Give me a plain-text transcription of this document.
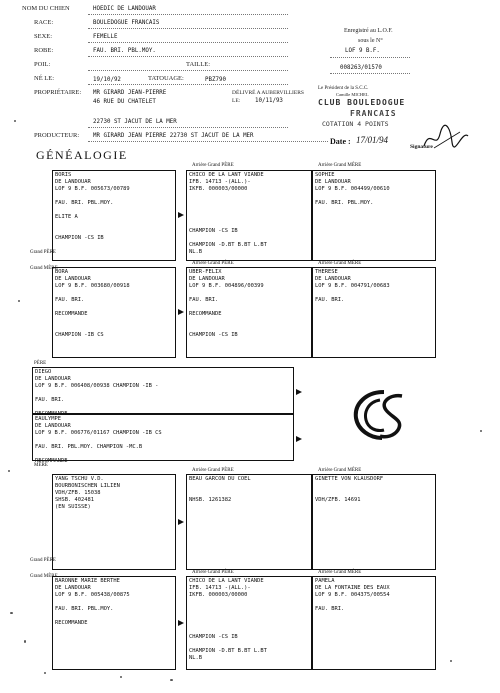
NOM DU CHIEN	HOEDIC DE LANDOUAR
RACE:	BOULEDOGUE FRANCAIS
SEXE:	FEMELLE
ROBE:	FAU. BRI. PBL.MOY.
POIL:	TAILLE:
NÉ LE:	19/10/92	TATOUAGE:	PBZ790
PROPRIÉTAIRE: MR GIRARD JEAN-PIERRE
46 RUE DU CHATELET
22730 ST JACUT DE LA MER
PRODUCTEUR: MR GIRARD JEAN PIERRE 22730 ST JACUT DE LA MER
Enregistré au L.O.F.
sous le N°
LOF 9 B.F.
008263/01570
DÉLIVRÉ A AUBERVILLIERS
LE:	10/11/93
Le Président de la S.C.C.
Camille MICHEL
CLUB BOULEDOGUE
FRANCAIS
COTATION 4 POINTS
Date : 17/01/94
Signature
GÉNÉALOGIE
Arrière Grand PÈRE	Arrière Grand MÈRE
BORIS
DE LANDOUAR
LOF 9 B.F. 005673/00789
FAU. BRI. PBL.MOY.
ELITE A
CHAMPION -CS IB
CHICO DE LA LANT VIANDE
IFB. 14713 -(ALL.)-
IKFB. 000003/00000
CHAMPION -CS IB
CHAMPION -D.BT B.BT L.BT
NL.B
SOPHIE
DE LANDOUAR
LOF 9 B.F. 004499/00610
FAU. BRI. PBL.MOY.
Grand PÈRE
Grand MÈRE
Arrière Grand PÈRE	Arrière Grand MÈRE
BORA
DE LANDOUAR
LOF 9 B.F. 003680/00918
FAU. BRI.
RECOMMANDE
CHAMPION -IB CS
UBER-FELIX
DE LANDOUAR
LOF 9 B.F. 004896/00399
FAU. BRI.
RECOMMANDE
CHAMPION -CS IB
THERESE
DE LANDOUAR
LOF 9 B.F. 004791/00683
FAU. BRI.
PÈRE
DIEGO
DE LANDOUAR
LOF 9 B.F. 006408/00938 CHAMPION -IB -
FAU. BRI.
RECOMMANDE
EAULYMPE
DE LANDOUAR
LOF 9 B.F. 006776/01167 CHAMPION -IB CS
FAU. BRI. PBL.MOY. CHAMPION -MC.B
RECOMMANDE
MÈRE
Arrière Grand PÈRE	Arrière Grand MÈRE
YANG TSCHU V.D.
BOURBONISCHEN LILIEN
VDH/ZFB. 15038
SHSB. 402481
(EN SUISSE)
BEAU GARCON DU COEL
NHSB. 1261382
GINETTE VON KLAUSDORF
VDH/ZFB. 14691
Grand PÈRE
Grand MÈRE
Arrière Grand PÈRE	Arrière Grand MÈRE
BARONNE MARIE BERTHE
DE LANDOUAR
LOF 9 B.F. 005438/00875
FAU. BRI. PBL.MOY.
RECOMMANDE
CHICO DE LA LANT VIANDE
IFB. 14713 -(ALL.)-
IKFB. 000003/00000
CHAMPION -CS IB
CHAMPION -D.BT B.BT L.BT
NL.B
PAMELA
DE LA FONTAINE DES EAUX
LOF 9 B.F. 004375/00554
FAU. BRI.
